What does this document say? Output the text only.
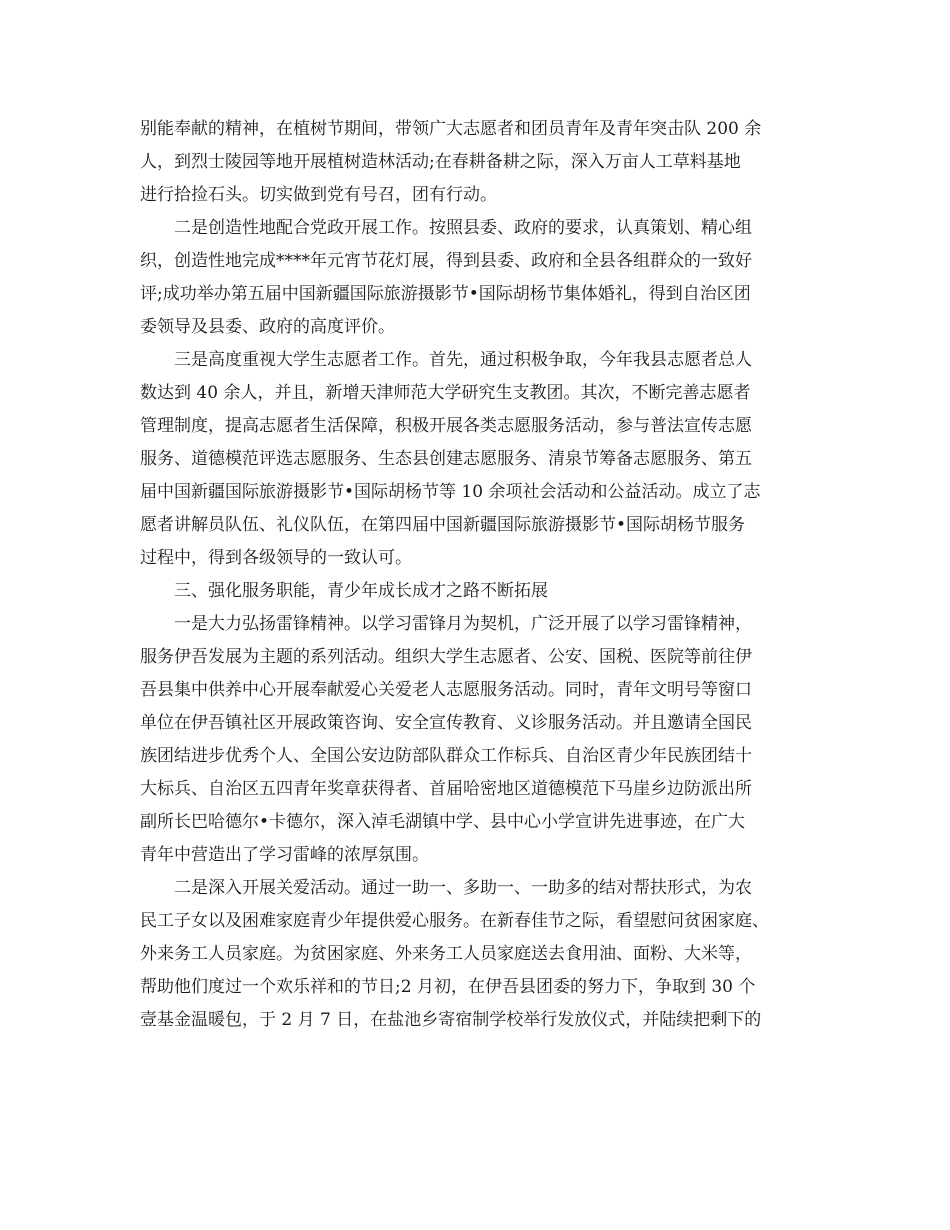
别能奉献的精神，在植树节期间，带领广大志愿者和团员青年及青年突击队 200 余
人，到烈士陵园等地开展植树造林活动;在春耕备耕之际，深入万亩人工草料基地
进行拾捡石头。切实做到党有号召，团有行动。
二是创造性地配合党政开展工作。按照县委、政府的要求，认真策划、精心组
织，创造性地完成****年元宵节花灯展，得到县委、政府和全县各组群众的一致好
评;成功举办第五届中国新疆国际旅游摄影节•国际胡杨节集体婚礼，得到自治区团
委领导及县委、政府的高度评价。
三是高度重视大学生志愿者工作。首先，通过积极争取，今年我县志愿者总人
数达到 40 余人，并且，新增天津师范大学研究生支教团。其次，不断完善志愿者
管理制度，提高志愿者生活保障，积极开展各类志愿服务活动，参与普法宣传志愿
服务、道德模范评选志愿服务、生态县创建志愿服务、清泉节筹备志愿服务、第五
届中国新疆国际旅游摄影节•国际胡杨节等 10 余项社会活动和公益活动。成立了志
愿者讲解员队伍、礼仪队伍，在第四届中国新疆国际旅游摄影节•国际胡杨节服务
过程中，得到各级领导的一致认可。
三、强化服务职能，青少年成长成才之路不断拓展
一是大力弘扬雷锋精神。以学习雷锋月为契机，广泛开展了以学习雷锋精神，
服务伊吾发展为主题的系列活动。组织大学生志愿者、公安、国税、医院等前往伊
吾县集中供养中心开展奉献爱心关爱老人志愿服务活动。同时，青年文明号等窗口
单位在伊吾镇社区开展政策咨询、安全宣传教育、义诊服务活动。并且邀请全国民
族团结进步优秀个人、全国公安边防部队群众工作标兵、自治区青少年民族团结十
大标兵、自治区五四青年奖章获得者、首届哈密地区道德模范下马崖乡边防派出所
副所长巴哈德尔•卡德尔，深入淖毛湖镇中学、县中心小学宣讲先进事迹，在广大
青年中营造出了学习雷峰的浓厚氛围。
二是深入开展关爱活动。通过一助一、多助一、一助多的结对帮扶形式，为农
民工子女以及困难家庭青少年提供爱心服务。在新春佳节之际，看望慰问贫困家庭、
外来务工人员家庭。为贫困家庭、外来务工人员家庭送去食用油、面粉、大米等，
帮助他们度过一个欢乐祥和的节日;2 月初，在伊吾县团委的努力下，争取到 30 个
壹基金温暖包，于 2 月 7 日，在盐池乡寄宿制学校举行发放仪式，并陆续把剩下的
